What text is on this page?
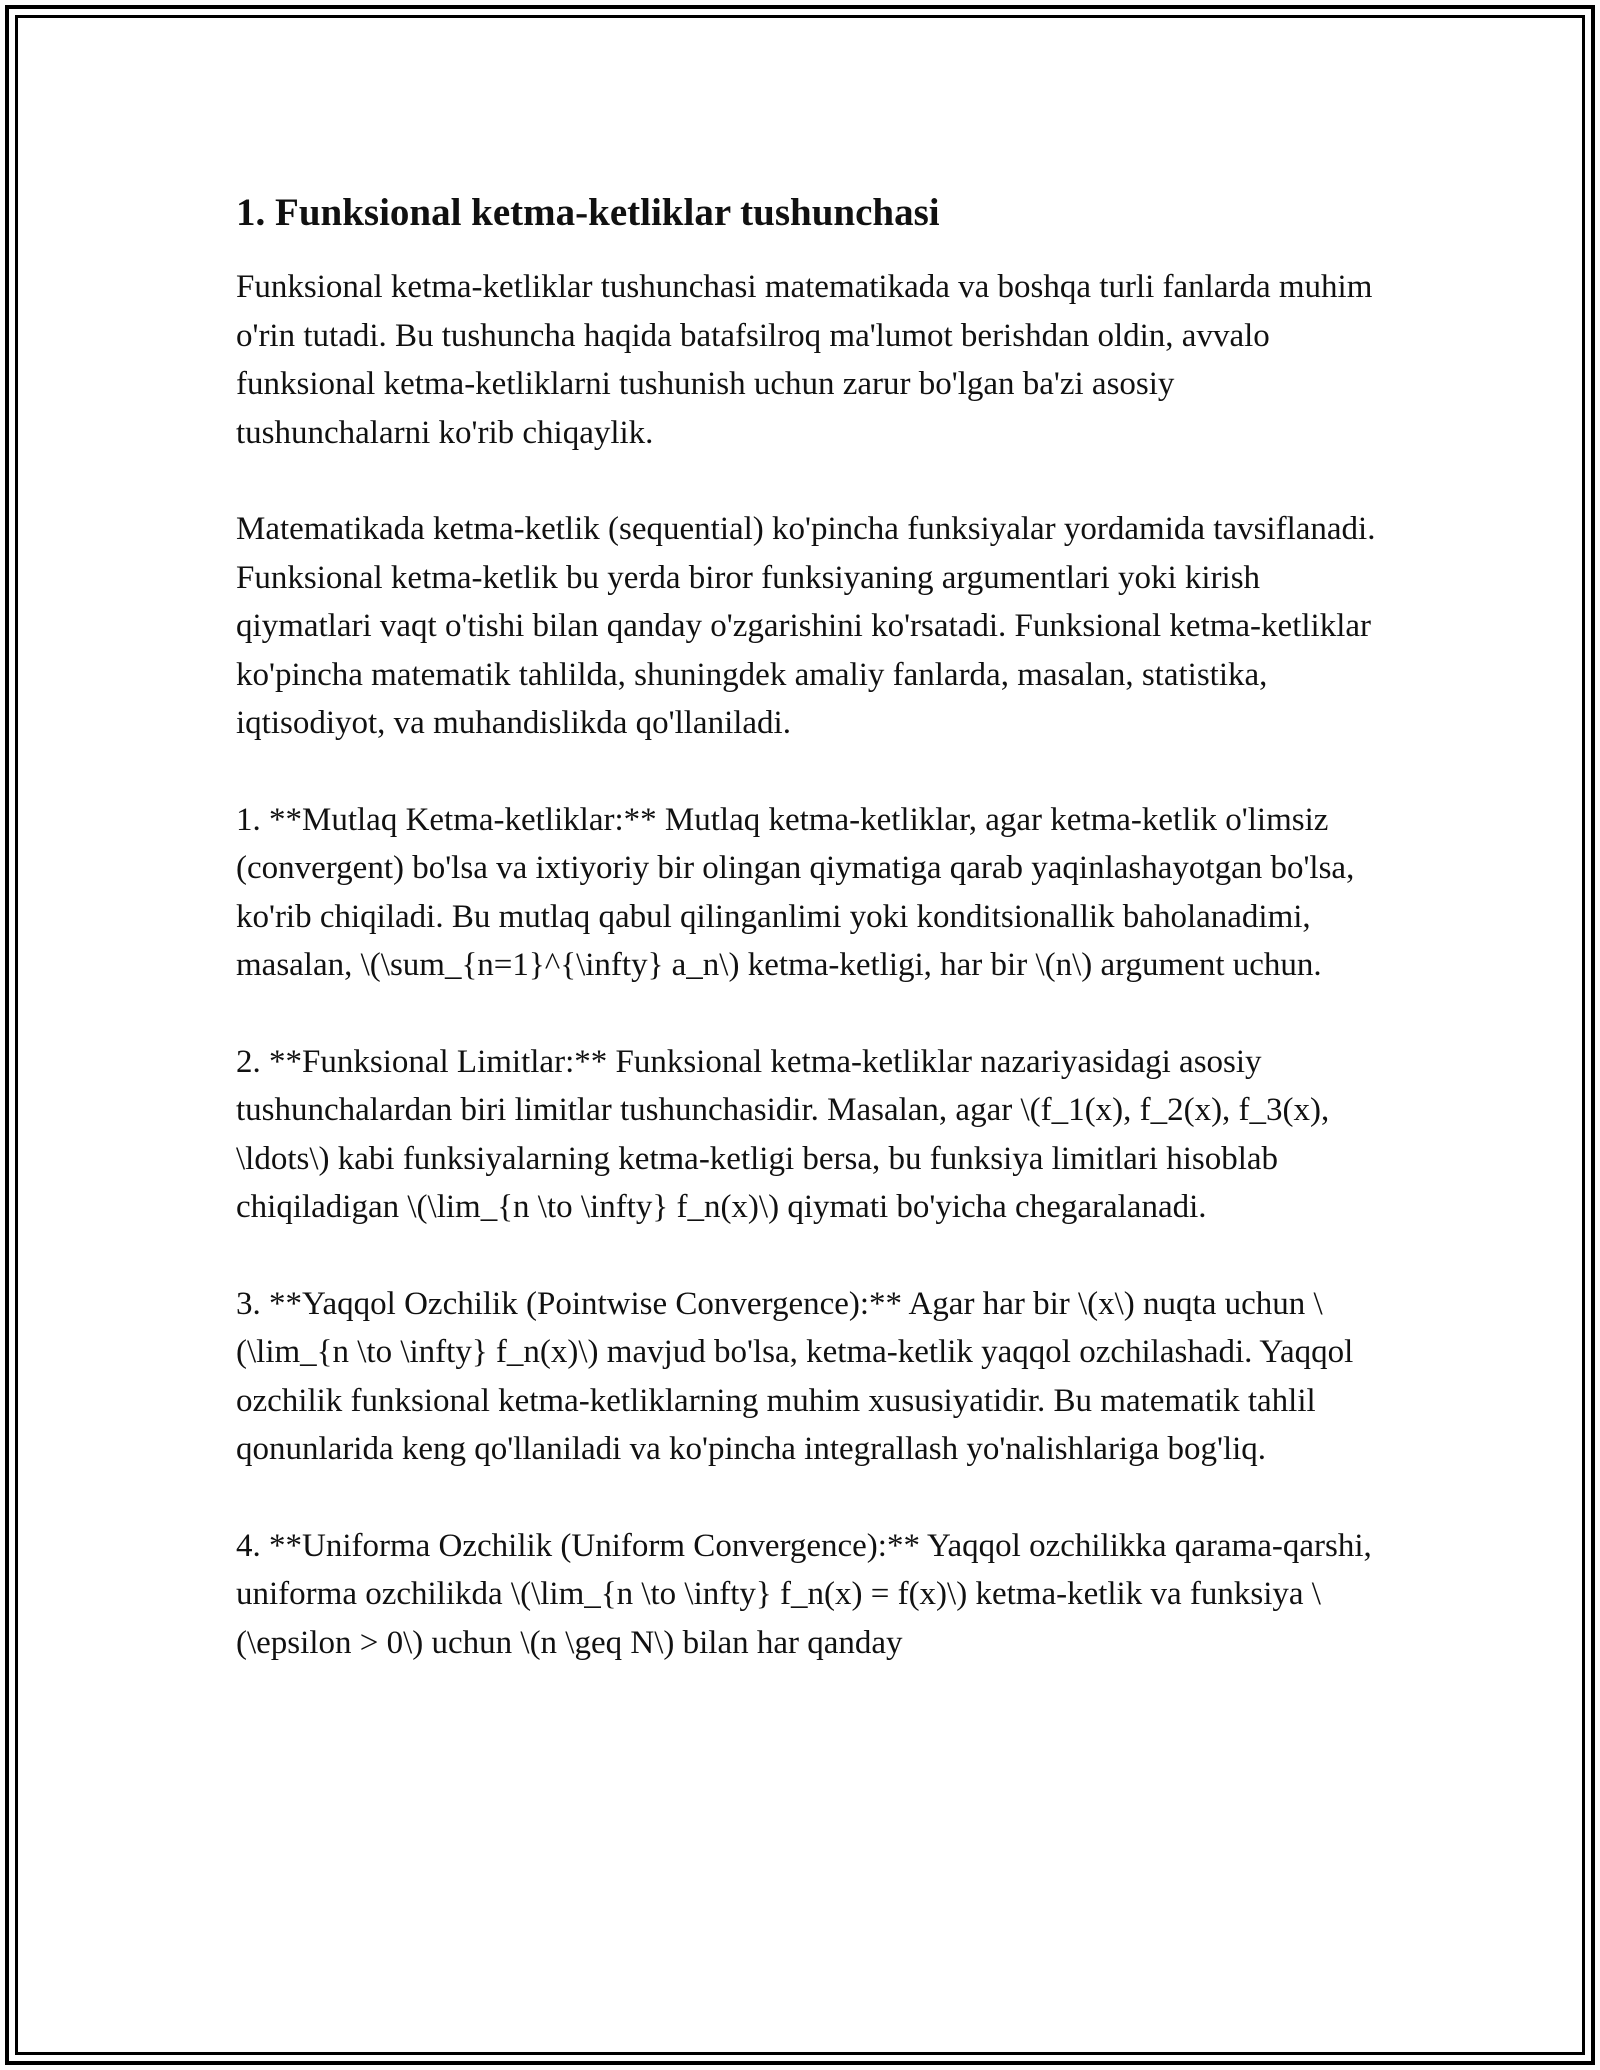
1. Funksional ketma-ketliklar tushunchasi

Funksional ketma-ketliklar tushunchasi matematikada va boshqa turli fanlarda muhim o'rin tutadi. Bu tushuncha haqida batafsilroq ma'lumot berishdan oldin, avvalo funksional ketma-ketliklarni tushunish uchun zarur bo'lgan ba'zi asosiy tushunchalarni ko'rib chiqaylik.

Matematikada ketma-ketlik (sequential) ko'pincha funksiyalar yordamida tavsiflanadi. Funksional ketma-ketlik bu yerda biror funksiyaning argumentlari yoki kirish qiymatlari vaqt o'tishi bilan qanday o'zgarishini ko'rsatadi. Funksional ketma-ketliklar ko'pincha matematik tahlilda, shuningdek amaliy fanlarda, masalan, statistika, iqtisodiyot, va muhandislikda qo'llaniladi.

1. **Mutlaq Ketma-ketliklar:** Mutlaq ketma-ketliklar, agar ketma-ketlik o'limsiz (convergent) bo'lsa va ixtiyoriy bir olingan qiymatiga qarab yaqinlashayotgan bo'lsa, ko'rib chiqiladi. Bu mutlaq qabul qilinganlimi yoki konditsionallik baholanadimi, masalan, \(\sum_{n=1}^{\infty} a_n\) ketma-ketligi, har bir \(n\) argument uchun.

2. **Funksional Limitlar:** Funksional ketma-ketliklar nazariyasidagi asosiy tushunchalardan biri limitlar tushunchasidir. Masalan, agar \(f_1(x), f_2(x), f_3(x), \ldots\) kabi funksiyalarning ketma-ketligi bersa, bu funksiya limitlari hisoblab chiqiladigan \(\lim_{n \to \infty} f_n(x)\) qiymati bo'yicha chegaralanadi.

3. **Yaqqol Ozchilik (Pointwise Convergence):** Agar har bir \(x\) nuqta uchun \(\lim_{n \to \infty} f_n(x)\) mavjud bo'lsa, ketma-ketlik yaqqol ozchilashadi. Yaqqol ozchilik funksional ketma-ketliklarning muhim xususiyatidir. Bu matematik tahlil qonunlarida keng qo'llaniladi va ko'pincha integrallash yo'nalishlariga bog'liq.

4. **Uniforma Ozchilik (Uniform Convergence):** Yaqqol ozchilikka qarama-qarshi, uniforma ozchilikda \(\lim_{n \to \infty} f_n(x) = f(x)\) ketma-ketlik va funksiya \(\epsilon > 0\) uchun \(n \geq N\) bilan har qanday
